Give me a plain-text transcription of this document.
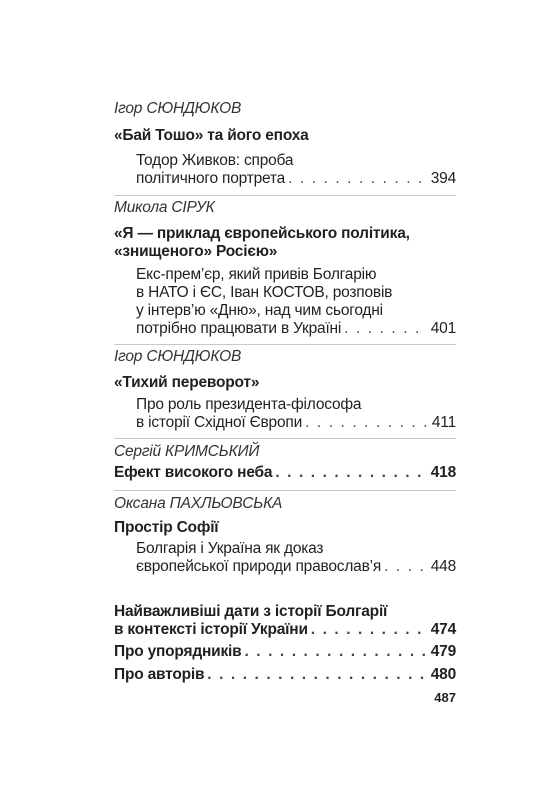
Ігор СЮНДЮКОВ
«Бай Тошо» та його епоха
Тодор Живков: спроба
політичного портрета . . .	394
Микола СІРУК
«Я — приклад європейського політика,
«знищеного» Росією»
Екс-прем’єр, який привів Болгарію
в НАТО і ЄС, Іван КОСТОВ, розповів
у інтерв’ю «Дню», над чим сьогодні
потрібно працювати в Україні . . .	401
Ігор СЮНДЮКОВ
«Тихий переворот»
Про роль президента-філософа
в історії Східної Європи . . .	411
Сергій КРИМСЬКИЙ
Ефект високого неба . . .	418
Оксана ПАХЛЬОВСЬКА
Простір Софії
Болгарія і Україна як доказ
європейської природи православ’я . . .	448
Найважливіші дати з історії Болгарії
в контексті історії України . . .	474
Про упорядників . . .	479
Про авторів . . .	480
487
